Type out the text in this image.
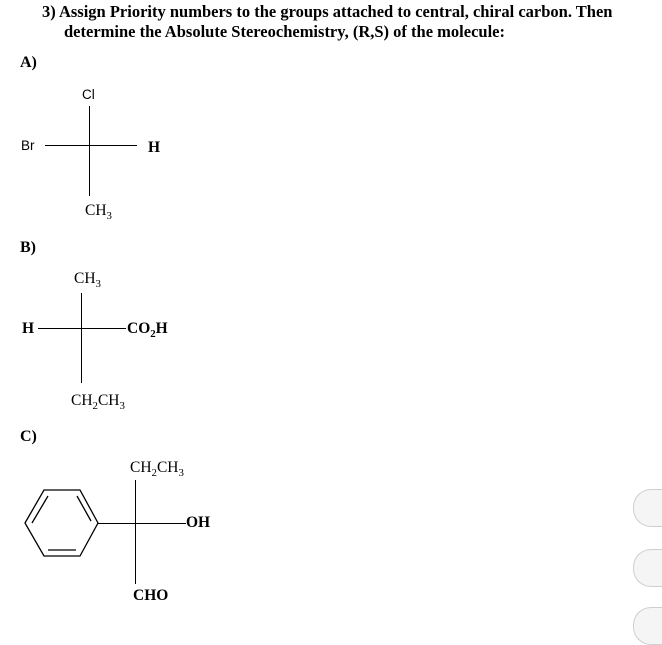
3) Assign Priority numbers to the groups attached to central, chiral carbon. Then
determine the Absolute Stereochemistry, (R,S) of the molecule:
A)
Cl
Br	H
$CH_3$
B)
$CH_3$
H	$CO_2H$
$CH_2CH_3$
C)
$CH_2CH_3$
OH
CHO
